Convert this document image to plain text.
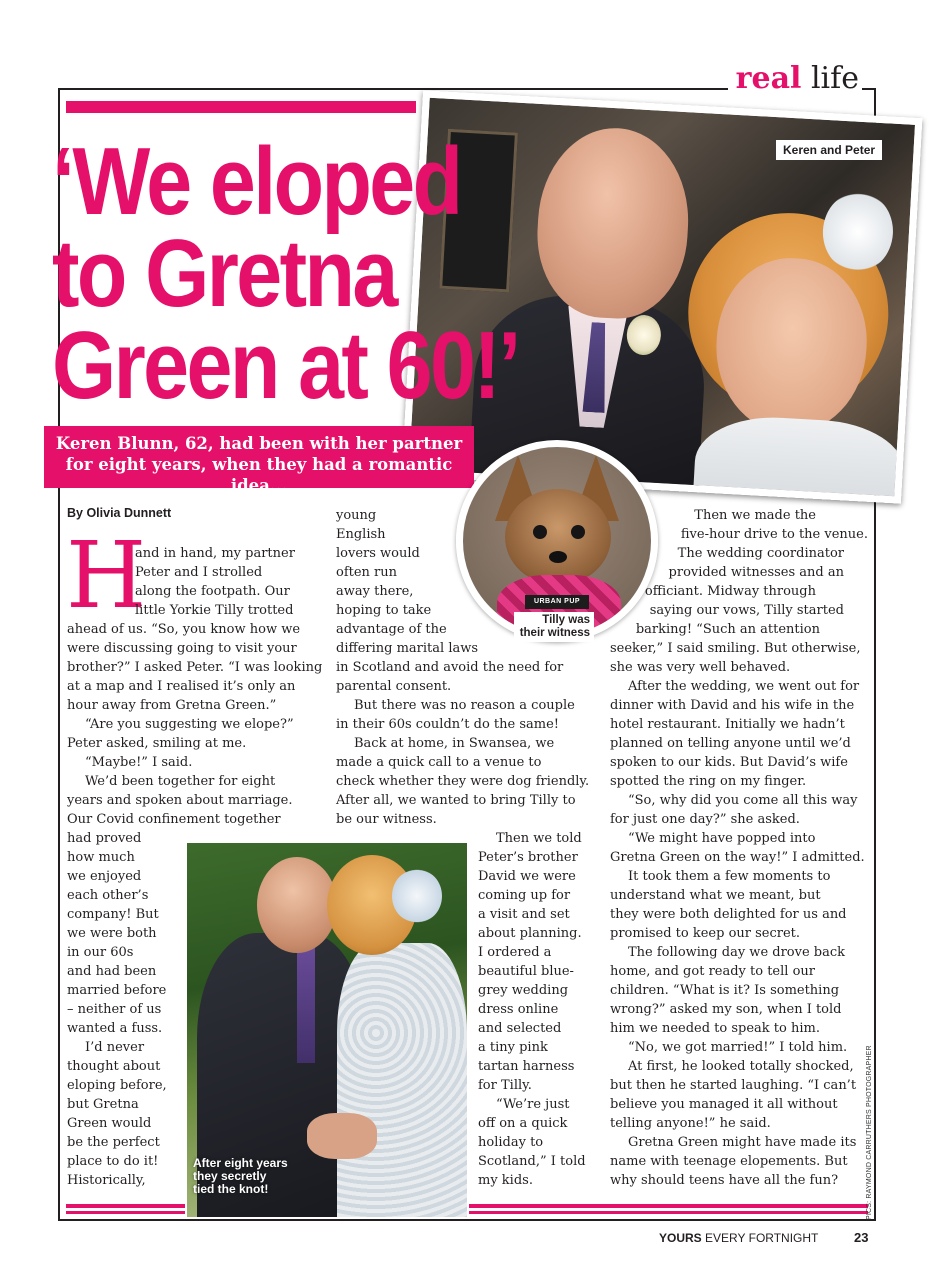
real life
Keren and Peter
‘We eloped
to Gretna
Green at 60!’
Keren Blunn, 62, had been with her partner for eight years, when they had a romantic idea...
URBAN PUP
Tilly was their witness
By Olivia Dunnett
H
and in hand, my partner
Peter and I strolled
along the footpath. Our
little Yorkie Tilly trotted
ahead of us. “So, you know how we
were discussing going to visit your
brother?” I asked Peter. “I was looking
at a map and I realised it’s only an
hour away from Gretna Green.”
“Are you suggesting we elope?”
Peter asked, smiling at me.
“Maybe!” I said.
We’d been together for eight
years and spoken about marriage.
Our Covid confinement together
had proved
how much
we enjoyed
each other’s
company! But
we were both
in our 60s
and had been
married before
– neither of us
wanted a fuss.
I’d never
thought about
eloping before,
but Gretna
Green would
be the perfect
place to do it!
Historically,
young
English
lovers would
often run
away there,
hoping to take
advantage of the
differing marital laws
in Scotland and avoid the need for
parental consent.
But there was no reason a couple
in their 60s couldn’t do the same!
Back at home, in Swansea, we
made a quick call to a venue to
check whether they were dog friendly.
After all, we wanted to bring Tilly to
be our witness.
Then we told
Peter’s brother
David we were
coming up for
a visit and set
about planning.
I ordered a
beautiful blue-
grey wedding
dress online
and selected
a tiny pink
tartan harness
for Tilly.
“We’re just
off on a quick
holiday to
Scotland,” I told
my kids.
Then we made the
five-hour drive to the venue.
The wedding coordinator
provided witnesses and an
officiant. Midway through
saying our vows, Tilly started
barking! “Such an attention
seeker,” I said smiling. But otherwise,
she was very well behaved.
After the wedding, we went out for
dinner with David and his wife in the
hotel restaurant. Initially we hadn’t
planned on telling anyone until we’d
spoken to our kids. But David’s wife
spotted the ring on my finger.
“So, why did you come all this way
for just one day?” she asked.
“We might have popped into
Gretna Green on the way!” I admitted.
It took them a few moments to
understand what we meant, but
they were both delighted for us and
promised to keep our secret.
The following day we drove back
home, and got ready to tell our
children. “What is it? Is something
wrong?” asked my son, when I told
him we needed to speak to him.
“No, we got married!” I told him.
At first, he looked totally shocked,
but then he started laughing. “I can’t
believe you managed it all without
telling anyone!” he said.
Gretna Green might have made its
name with teenage elopements. But
why should teens have all the fun?
After eight years they secretly tied the knot!	PICS: RAYMOND CARRUTHERS PHOTOGRAPHER
YOURS EVERY FORTNIGHT	23
